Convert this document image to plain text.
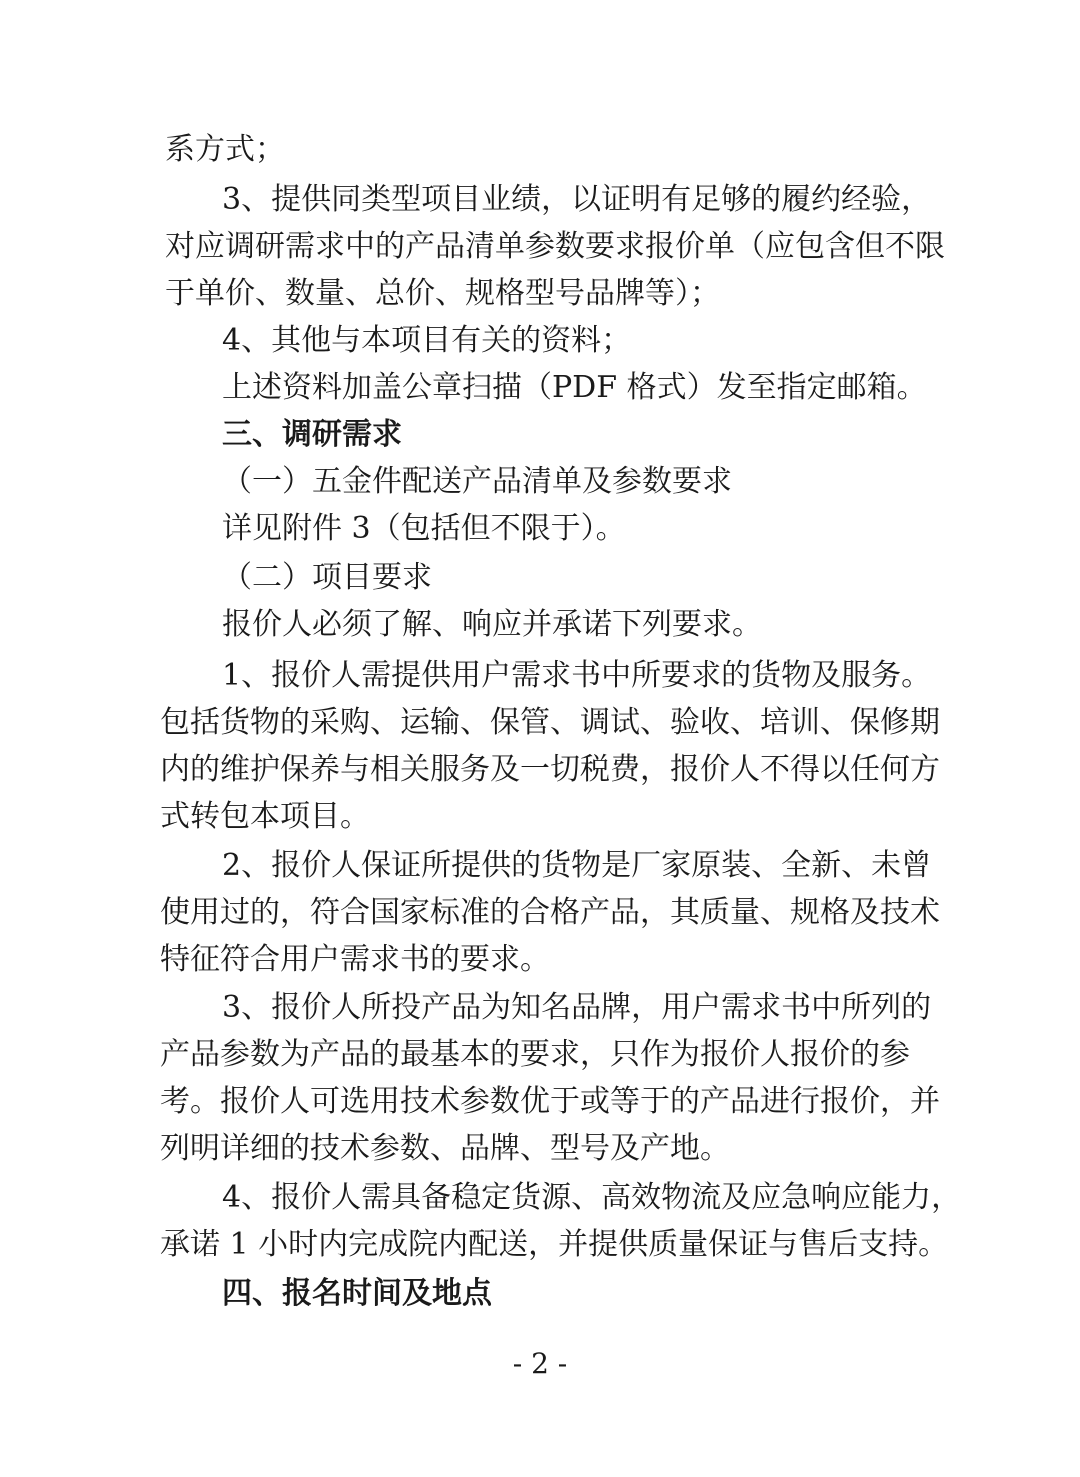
系方式；
3、提供同类型项目业绩，以证明有足够的履约经验，
对应调研需求中的产品清单参数要求报价单（应包含但不限
于单价、数量、总价、规格型号品牌等）；
4、其他与本项目有关的资料；
上述资料加盖公章扫描（PDF 格式）发至指定邮箱。
三、调研需求
（一）五金件配送产品清单及参数要求
详见附件 3（包括但不限于）。
（二）项目要求
报价人必须了解、响应并承诺下列要求。
1、报价人需提供用户需求书中所要求的货物及服务。
包括货物的采购、运输、保管、调试、验收、培训、保修期
内的维护保养与相关服务及一切税费，报价人不得以任何方
式转包本项目。
2、报价人保证所提供的货物是厂家原装、全新、未曾
使用过的，符合国家标准的合格产品，其质量、规格及技术
特征符合用户需求书的要求。
3、报价人所投产品为知名品牌，用户需求书中所列的
产品参数为产品的最基本的要求，只作为报价人报价的参
考。报价人可选用技术参数优于或等于的产品进行报价，并
列明详细的技术参数、品牌、型号及产地。
4、报价人需具备稳定货源、高效物流及应急响应能力，
承诺 1 小时内完成院内配送，并提供质量保证与售后支持。
四、报名时间及地点
- 2 -
